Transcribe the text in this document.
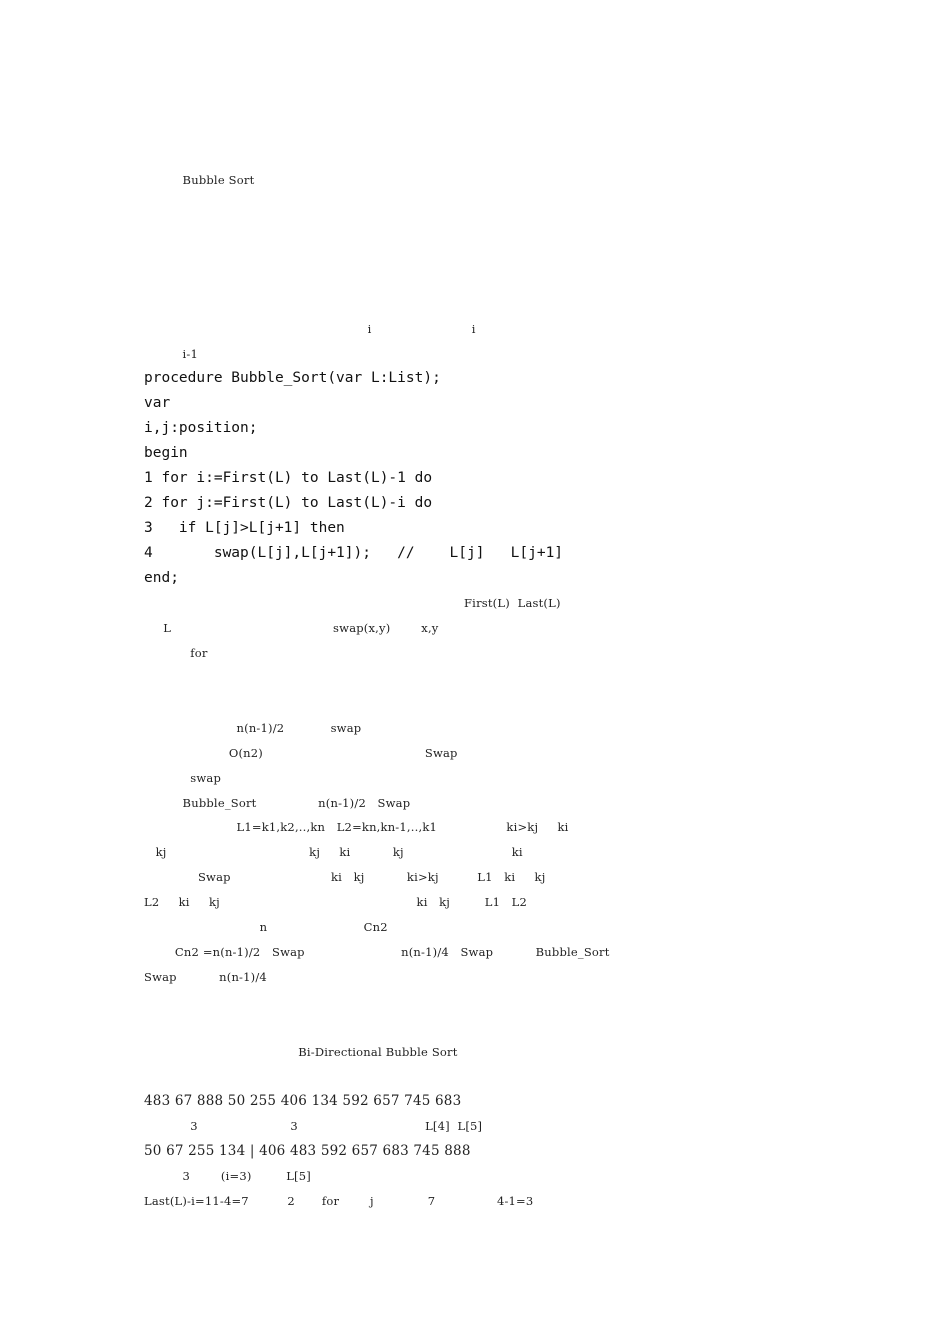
Bubble Sort
i                          i
i-1
procedure Bubble_Sort(var L:List);
var
i,j:position;
begin
1 for i:=First(L) to Last(L)-1 do
2 for j:=First(L) to Last(L)-i do
3   if L[j]>L[j+1] then
4       swap(L[j],L[j+1]);   //    L[j]   L[j+1]
end;
First(L)  Last(L)
L                                          swap(x,y)        x,y
for
n(n-1)/2            swap
O(n2)                                          Swap
swap
Bubble_Sort                n(n-1)/2   Swap
L1=k1,k2,..,kn   L2=kn,kn-1,..,k1                  ki>kj     ki
kj                                     kj     ki           kj                            ki
Swap                          ki   kj           ki>kj          L1   ki     kj
L2     ki     kj                                                   ki   kj         L1   L2
n                         Cn2
Cn2 =n(n-1)/2   Swap                         n(n-1)/4   Swap           Bubble_Sort
Swap           n(n-1)/4
Bi-Directional Bubble Sort
483 67 888 50 255 406 134 592 657 745 683
3                        3                                 L[4]  L[5]
50 67 255 134 | 406 483 592 657 683 745 888
3        (i=3)         L[5]
Last(L)-i=11-4=7          2       for        j              7                4-1=3
